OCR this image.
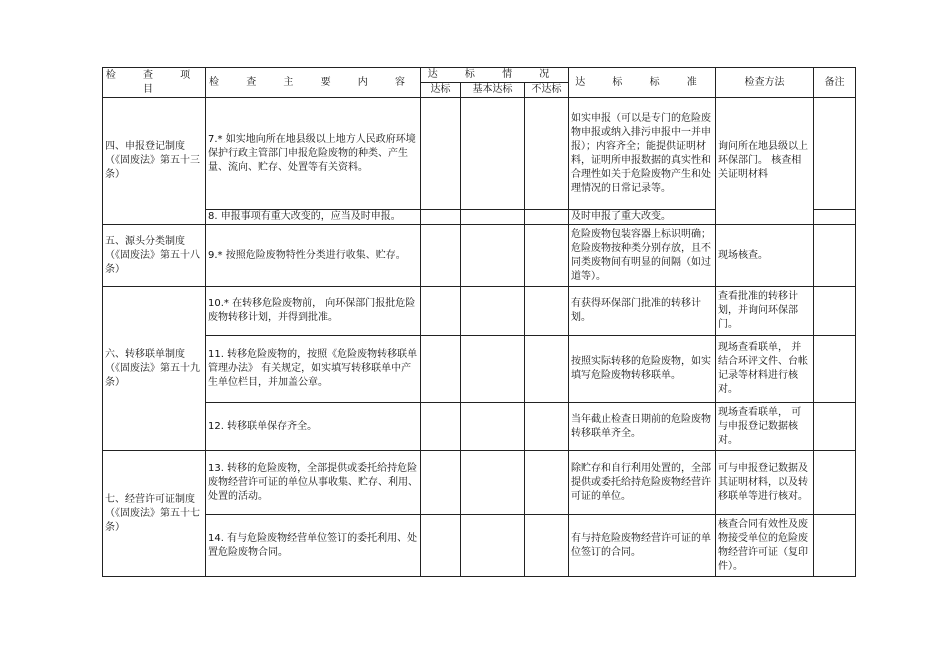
检 查 项 目	检 查 主 要 内 容	达 标 情 况			达 标 标 准	检查方法	备注
		达标	基本达标	不达标			
四、申报登记制度（《固废法》第五十三条）	7.* 如实地向所在地县级以上地方人民政府环境保护行政主管部门申报危险废物的种类、产生量、流向、贮存、处置等有关资料。				如实申报（可以是专门的危险废物申报或纳入排污申报中一并申报）；内容齐全；能提供证明材料，证明所申报数据的真实性和合理性如关于危险废物产生和处理情况的日常记录等。	询问所在地县级以上环保部门。 核查相关证明材料	
	8. 申报事项有重大改变的，应当及时申报。				及时申报了重大改变。		
五、源头分类制度（《固废法》第五十八条）	9.* 按照危险废物特性分类进行收集、贮存。				危险废物包装容器上标识明确；危险废物按种类分别存放，且不同类废物间有明显的间隔（如过道等）。	现场核查。	
六、转移联单制度（《固废法》第五十九条）	10.* 在转移危险废物前， 向环保部门报批危险废物转移计划，并得到批准。				有获得环保部门批准的转移计划。	查看批准的转移计划，并询问环保部门。	
	11. 转移危险废物的，按照《危险废物转移联单管理办法》 有关规定，如实填写转移联单中产生单位栏目，并加盖公章。				按照实际转移的危险废物，如实填写危险废物转移联单。	现场查看联单， 并结合环评文件、台帐记录等材料进行核对。	
	12. 转移联单保存齐全。				当年截止检查日期前的危险废物转移联单齐全。	现场查看联单， 可与申报登记数据核对。	
七、经营许可证制度（《固废法》第五十七条）	13. 转移的危险废物，全部提供或委托给持危险废物经营许可证的单位从事收集、贮存、利用、处置的活动。				除贮存和自行利用处置的，全部提供或委托给持危险废物经营许可证的单位。	可与申报登记数据及其证明材料，以及转移联单等进行核对。	
	14. 有与危险废物经营单位签订的委托利用、处置危险废物合同。				有与持危险废物经营许可证的单位签订的合同。	核查合同有效性及废物接受单位的危险废物经营许可证（复印件）。	
